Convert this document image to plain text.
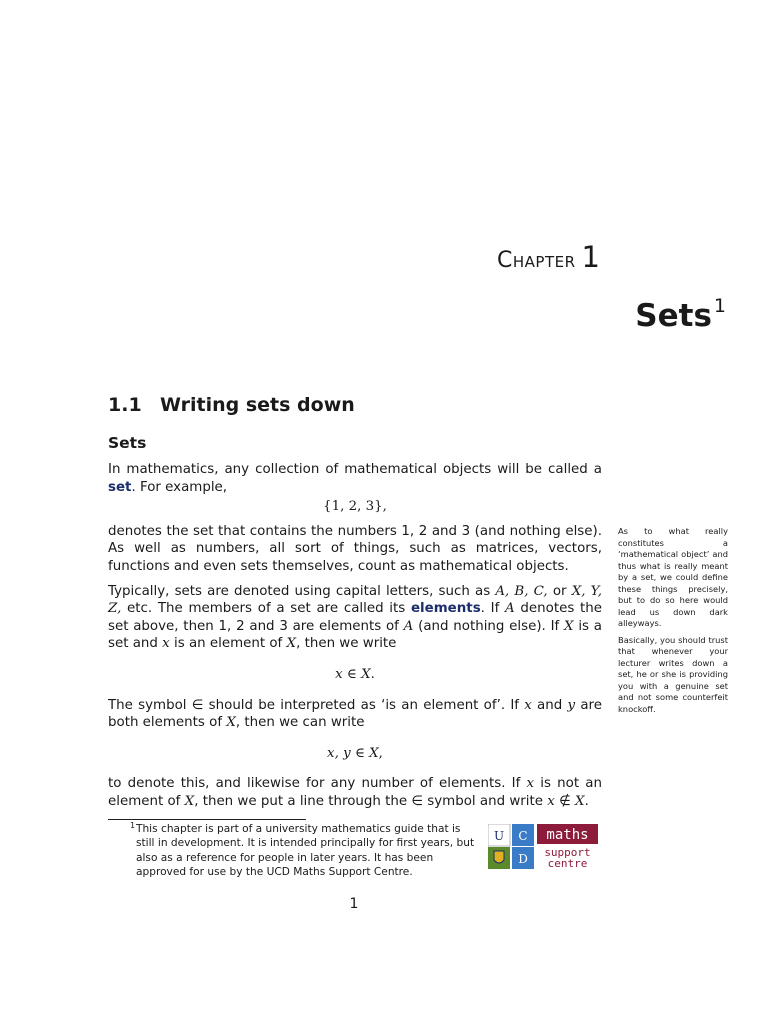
Chapter 1
Sets $^1$
1.1 Writing sets down
Sets

In mathematics, any collection of mathematical objects will be called a set. For example,

{1, 2, 3},

denotes the set that contains the numbers 1, 2 and 3 (and nothing else). As well as numbers, all sort of things, such as matrices, vectors, functions and even sets themselves, count as mathematical objects.

Typically, sets are denoted using capital letters, such as A, B, C, or X, Y, Z, etc. The members of a set are called its elements. If A denotes the set above, then 1, 2 and 3 are elements of A (and nothing else). If X is a set and x is an element of X, then we write

x ∈ X.

The symbol ∈ should be interpreted as ‘is an element of’. If x and y are both elements of X, then we can write

x, y ∈ X,

to denote this, and likewise for any number of elements. If x is not an element of X, then we put a line through the ∈ symbol and write x ∉ X.

As to what really constitutes a ‘mathematical object’ and thus what is really meant by a set, we could define these things precisely, but to do so here would lead us down dark alleyways.

Basically, you should trust that whenever your lecturer writes down a set, he or she is providing you with a genuine set and not some counterfeit knockoff.

1 This chapter is part of a university mathematics guide that is still in development. It is intended principally for first years, but also as a reference for people in later years. It has been approved for use by the UCD Maths Support Centre.
U C
D
maths
support
centre
1
